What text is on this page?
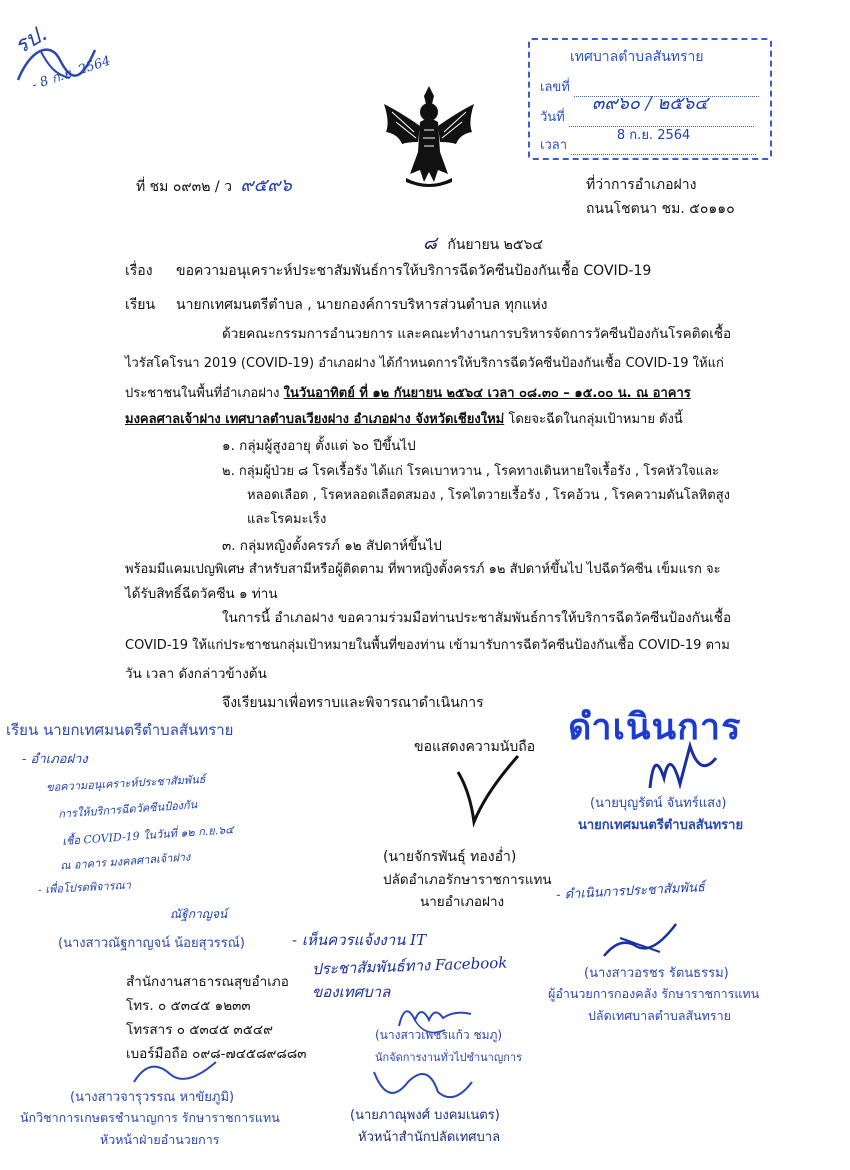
รป.
- 8 ก.ย. 2564	เทศบาลตำบลสันทราย
เลขที่
๓๙๖๐ / ๒๕๖๔
วันที่
8 ก.ย. 2564
เวลา
ที่ ชม ๐๙๓๒ / ว ๙๕๙๖	ที่ว่าการอำเภอฝาง
ถนนโชตนา ชม. ๕๐๑๑๐
๘ กันยายน ๒๕๖๔
เรื่อง ขอความอนุเคราะห์ประชาสัมพันธ์การให้บริการฉีดวัคซีนป้องกันเชื้อ COVID-19
เรียน นายกเทศมนตรีตำบล , นายกองค์การบริหารส่วนตำบล ทุกแห่ง
ด้วยคณะกรรมการอำนวยการ และคณะทำงานการบริหารจัดการวัคซีนป้องกันโรคติดเชื้อ
ไวรัสโคโรนา 2019 (COVID-19) อำเภอฝาง ได้กำหนดการให้บริการฉีดวัคซีนป้องกันเชื้อ COVID-19 ให้แก่
ประชาชนในพื้นที่อำเภอฝาง ในวันอาทิตย์ ที่ ๑๒ กันยายน ๒๕๖๔ เวลา ๐๘.๓๐ – ๑๕.๐๐ น. ณ อาคาร
มงคลศาลเจ้าฝาง เทศบาลตำบลเวียงฝาง อำเภอฝาง จังหวัดเชียงใหม่ โดยจะฉีดในกลุ่มเป้าหมาย ดังนี้
๑. กลุ่มผู้สูงอายุ ตั้งแต่ ๖๐ ปีขึ้นไป
๒. กลุ่มผู้ป่วย ๘ โรคเรื้อรัง ได้แก่ โรคเบาหวาน , โรคทางเดินหายใจเรื้อรัง , โรคหัวใจและ
หลอดเลือด , โรคหลอดเลือดสมอง , โรคไตวายเรื้อรัง , โรคอ้วน , โรคความดันโลหิตสูง
และโรคมะเร็ง
๓. กลุ่มหญิงตั้งครรภ์ ๑๒ สัปดาห์ขึ้นไป
พร้อมมีแคมเปญพิเศษ สำหรับสามีหรือผู้ติดตาม ที่พาหญิงตั้งครรภ์ ๑๒ สัปดาห์ขึ้นไป ไปฉีดวัคซีน เข็มแรก จะ
ได้รับสิทธิ์ฉีดวัคซีน ๑ ท่าน
ในการนี้ อำเภอฝาง ขอความร่วมมือท่านประชาสัมพันธ์การให้บริการฉีดวัคซีนป้องกันเชื้อ
COVID-19 ให้แก่ประชาชนกลุ่มเป้าหมายในพื้นที่ของท่าน เข้ามารับการฉีดวัคซีนป้องกันเชื้อ COVID-19 ตาม
วัน เวลา ดังกล่าวข้างต้น
จึงเรียนมาเพื่อทราบและพิจารณาดำเนินการ
ขอแสดงความนับถือ
(นายจักรพันธุ์ ทองอ่ำ)
ปลัดอำเภอรักษาราชการแทน
นายอำเภอฝาง
สำนักงานสาธารณสุขอำเภอ
โทร. ๐ ๕๓๔๕ ๑๒๓๓
โทรสาร ๐ ๕๓๔๕ ๓๕๔๙
เบอร์มือถือ ๐๙๘-๗๔๕๘๙๘๘๓
เรียน นายกเทศมนตรีตำบลสันทราย
- อำเภอฝาง
ขอความอนุเคราะห์ประชาสัมพันธ์
การให้บริการฉีดวัคซีนป้องกัน
เชื้อ COVID-19 ในวันที่ ๑๒ ก.ย.๖๔
ณ อาคาร มงคลศาลเจ้าฝาง
- เพื่อโปรดพิจารณา
ณัฐิกาญจน์
(นางสาวณัฐกาญจน์ น้อยสุวรรณ์)	- เห็นควรแจ้งงาน IT
ประชาสัมพันธ์ทาง Facebook
ของเทศบาล
(นางสาวเพชรแก้ว ชมภู)
นักจัดการงานทั่วไปชำนาญการ
(นางสาวจารุวรรณ หาขัยภูมิ)
นักวิชาการเกษตรชำนาญการ รักษาราชการแทน
หัวหน้าฝ่ายอำนวยการ
(นายภาณุพงศ์ บงคมเนตร)
หัวหน้าสำนักปลัดเทศบาล
ดำเนินการ
(นายบุญรัตน์ จันทร์แสง)
นายกเทศมนตรีตำบลสันทราย
- ดำเนินการประชาสัมพันธ์
(นางสาวอรชร รัตนธรรม)
ผู้อำนวยการกองคลัง รักษาราชการแทน
ปลัดเทศบาลตำบลสันทราย
